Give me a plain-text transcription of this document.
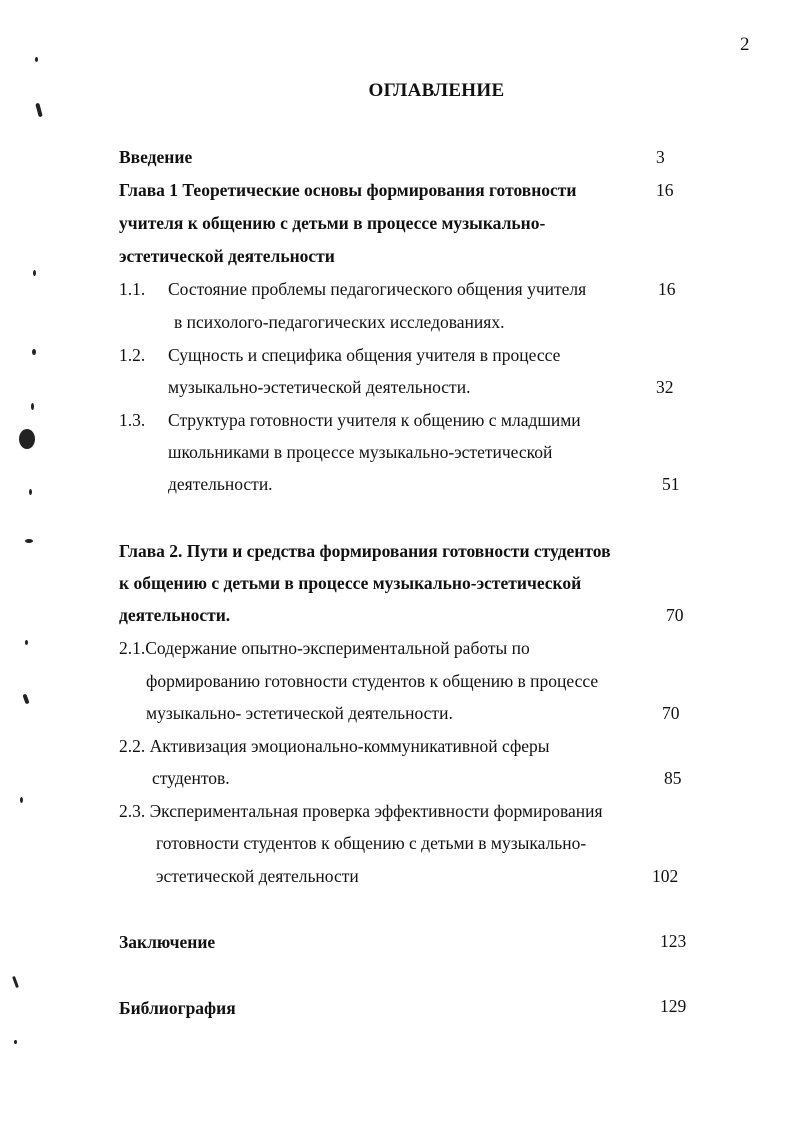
2
ОГЛАВЛЕНИЕ
Введение	3
Глава 1 Теоретические основы формирования готовности	16
учителя к общению с детьми в процессе музыкально-
эстетической деятельности
1.1. Состояние проблемы педагогического общения учителя	16
в психолого-педагогических исследованиях.
1.2. Сущность и специфика общения учителя в процессе
музыкально-эстетической деятельности.	32
1.3. Структура готовности учителя к общению с младшими
школьниками в процессе музыкально-эстетической
деятельности.	51
Глава 2. Пути и средства формирования готовности студентов
к общению с детьми в процессе музыкально-эстетической
деятельности.	70
2.1.Содержание опытно-экспериментальной работы по
формированию готовности студентов к общению в процессе
музыкально- эстетической деятельности.	70
2.2. Активизация эмоционально-коммуникативной сферы
студентов.	85
2.3. Экспериментальная проверка эффективности формирования
готовности студентов к общению с детьми в музыкально-
эстетической деятельности	102
Заключение	123
Библиография	129
